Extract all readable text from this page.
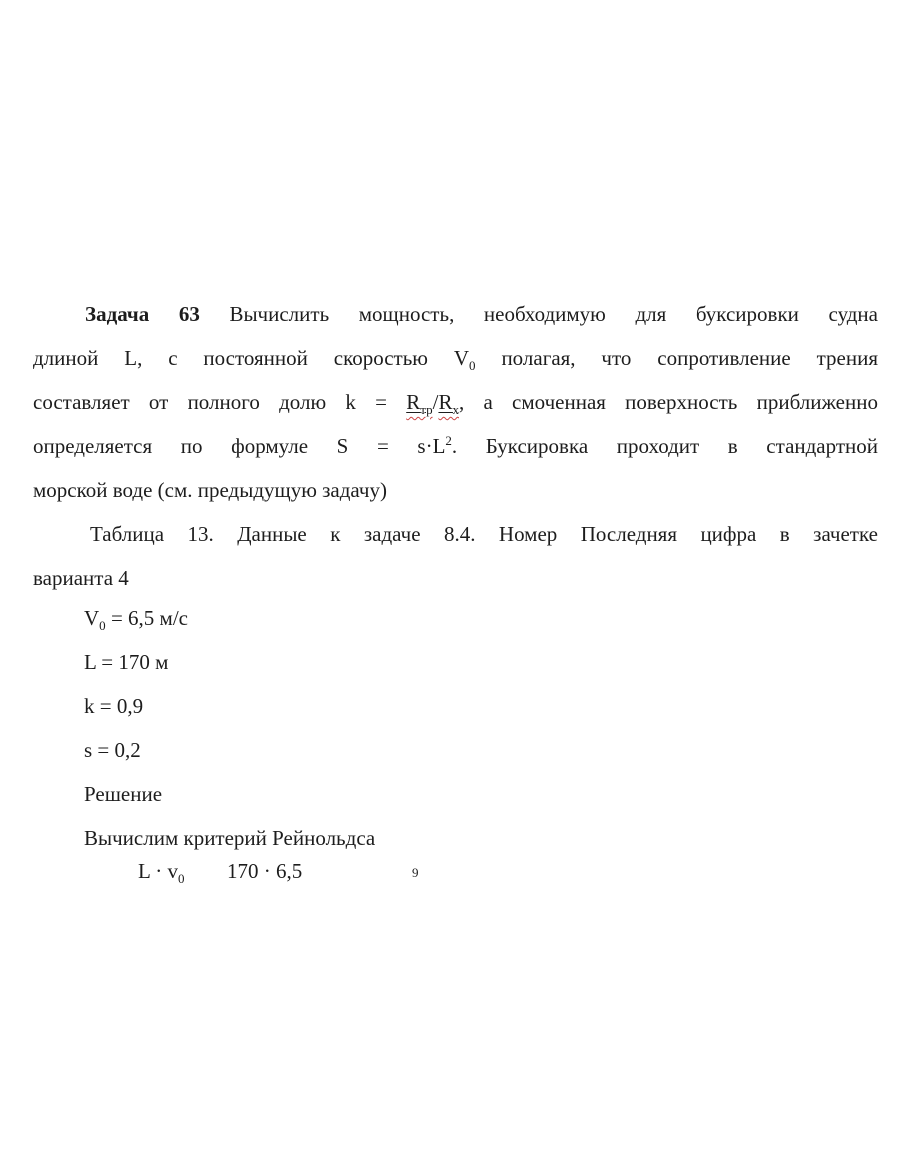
Задача 63 Вычислить мощность, необходимую для буксировки судна
длиной L, с постоянной скоростью $V_0$ полагая, что сопротивление трения
составляет от полного долю $k = R_{тр}/R_х$, а смоченная поверхность приближенно
определяется по формуле $S = s\cdot L^2$. Буксировка проходит в стандартной
морской воде (см. предыдущую задачу)
Таблица 13. Данные к задаче 8.4. Номер Последняя цифра в зачетке
варианта 4
$V_0 = 6,5$ м/с
L = 170 м
k = 0,9
s = 0,2
Решение
Вычислим критерий Рейнольдса
$L \cdot v_0$ 170 · 6,5	9
